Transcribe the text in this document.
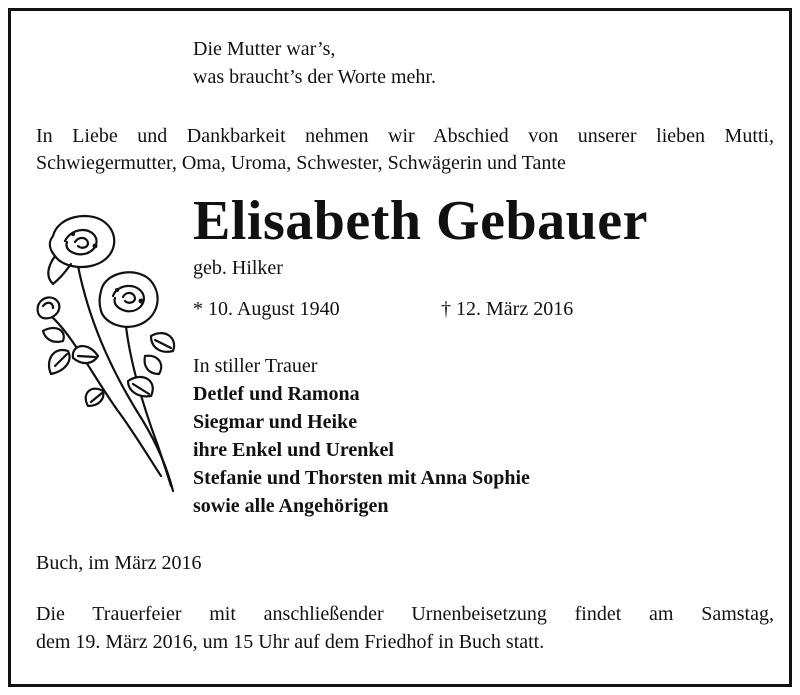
Die Mutter war’s,
was braucht’s der Worte mehr.
In Liebe und Dankbarkeit nehmen wir Abschied von unserer lieben Mutti,
Schwiegermutter, Oma, Uroma, Schwester, Schwägerin und Tante
Elisabeth Gebauer
geb. Hilker
* 10. August 1940	† 12. März 2016
In stiller Trauer
Detlef und Ramona
Siegmar und Heike
ihre Enkel und Urenkel
Stefanie und Thorsten mit Anna Sophie
sowie alle Angehörigen
Buch, im März 2016
Die Trauerfeier mit anschließender Urnenbeisetzung findet am Samstag,
dem 19. März 2016, um 15 Uhr auf dem Friedhof in Buch statt.
